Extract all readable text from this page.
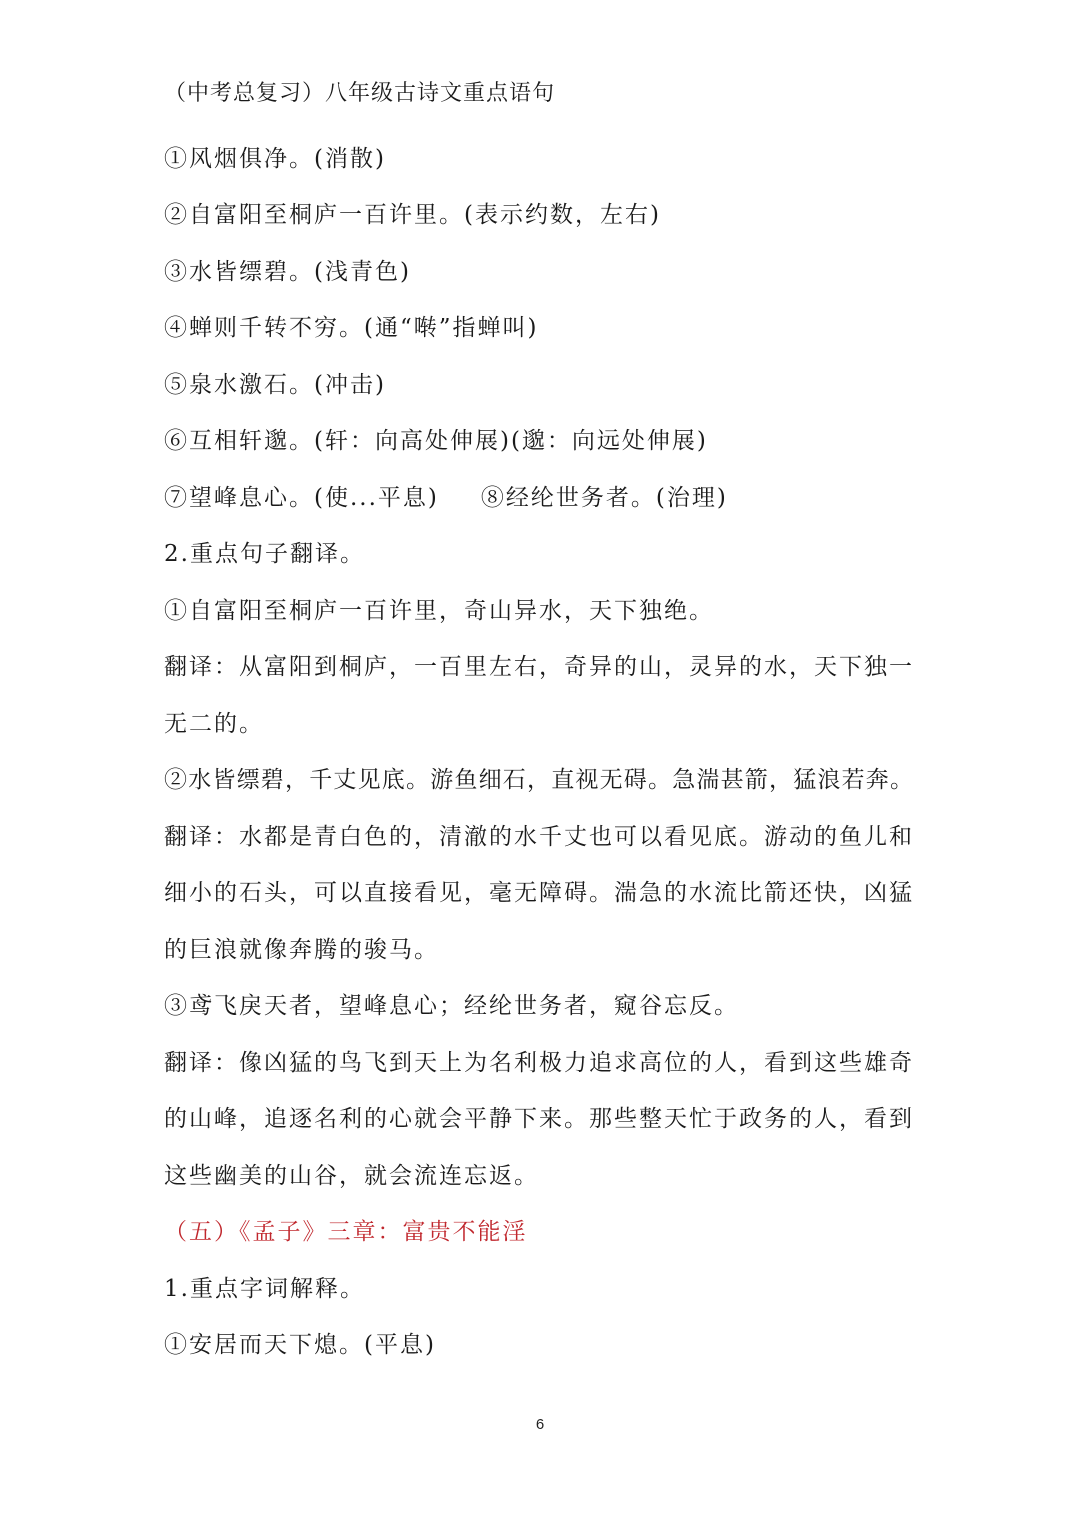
（中考总复习）八年级古诗文重点语句
①风烟俱净。(消散)
②自富阳至桐庐一百许里。(表示约数，左右)
③水皆缥碧。(浅青色)
④蝉则千转不穷。(通“啭”指蝉叫)
⑤泉水激石。(冲击)
⑥互相轩邈。(轩：向高处伸展)(邈：向远处伸展)
⑦望峰息心。(使...平息) ⑧经纶世务者。(治理)
2.重点句子翻译。
①自富阳至桐庐一百许里，奇山异水，天下独绝。
翻译：从富阳到桐庐，一百里左右，奇异的山，灵异的水，天下独一
无二的。
②水皆缥碧，千丈见底。游鱼细石，直视无碍。急湍甚箭，猛浪若奔。
翻译：水都是青白色的，清澈的水千丈也可以看见底。游动的鱼儿和
细小的石头，可以直接看见，毫无障碍。湍急的水流比箭还快，凶猛
的巨浪就像奔腾的骏马。
③鸢飞戾天者，望峰息心；经纶世务者，窥谷忘反。
翻译：像凶猛的鸟飞到天上为名利极力追求高位的人，看到这些雄奇
的山峰，追逐名利的心就会平静下来。那些整天忙于政务的人，看到
这些幽美的山谷，就会流连忘返。
（五）《孟子》三章：富贵不能淫
1.重点字词解释。
①安居而天下熄。(平息)
6
